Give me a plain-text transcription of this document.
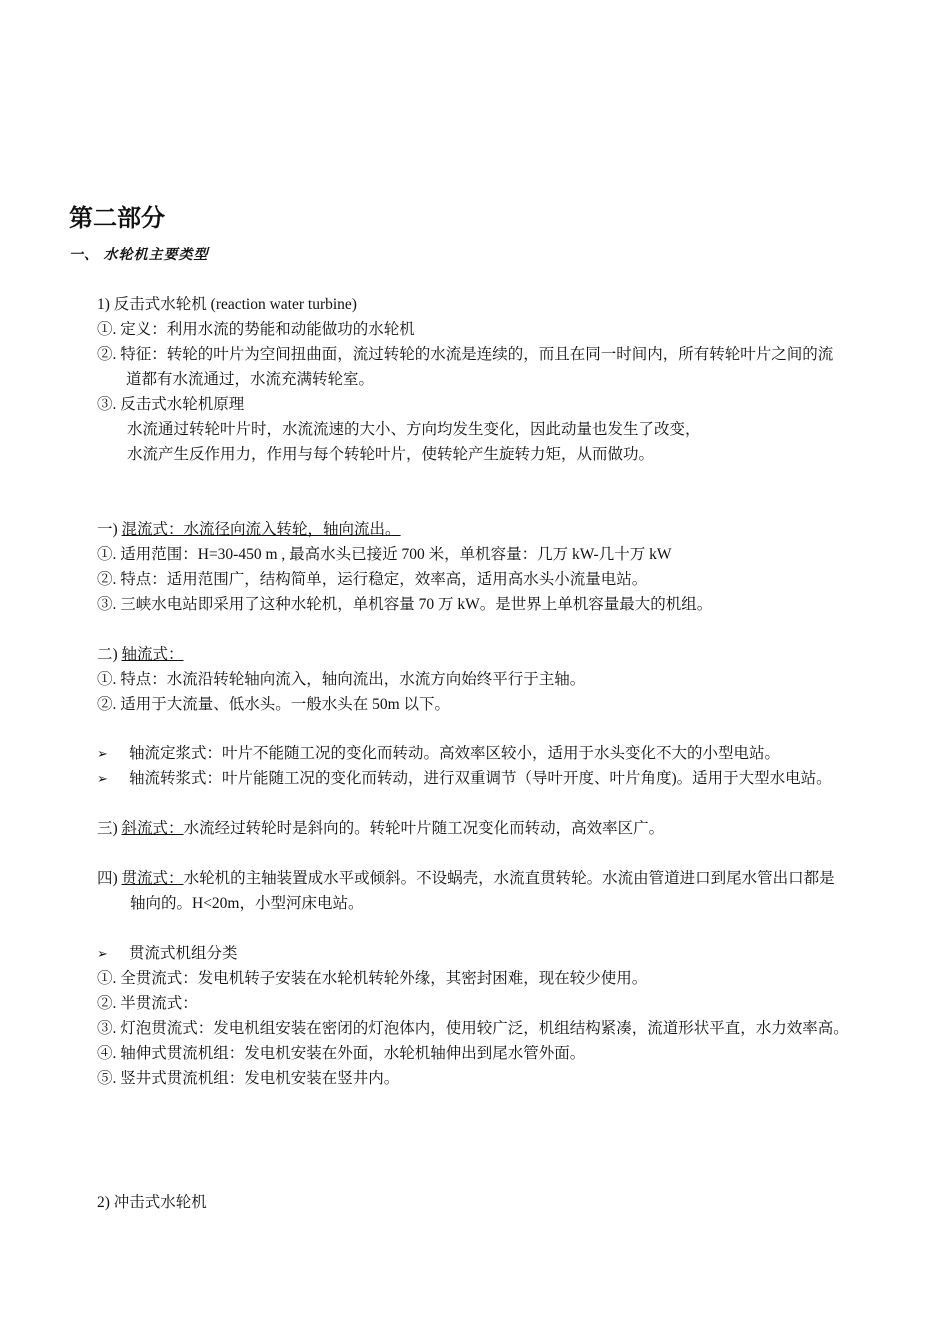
第二部分
一、 水轮机主要类型
1) 反击式水轮机 (reaction water turbine)
①. 定义：利用水流的势能和动能做功的水轮机
②. 特征：转轮的叶片为空间扭曲面，流过转轮的水流是连续的，而且在同一时间内，所有转轮叶片之间的流
道都有水流通过，水流充满转轮室。
③. 反击式水轮机原理
水流通过转轮叶片时，水流流速的大小、方向均发生变化，因此动量也发生了改变，
水流产生反作用力，作用与每个转轮叶片，使转轮产生旋转力矩，从而做功。
一) 混流式：水流径向流入转轮，轴向流出。
①. 适用范围：H=30-450 m , 最高水头已接近 700 米，单机容量：几万 kW-几十万 kW
②. 特点：适用范围广，结构简单，运行稳定，效率高，适用高水头小流量电站。
③. 三峡水电站即采用了这种水轮机，单机容量 70 万 kW。是世界上单机容量最大的机组。
二) 轴流式：
①. 特点：水流沿转轮轴向流入，轴向流出，水流方向始终平行于主轴。
②. 适用于大流量、低水头。一般水头在 50m 以下。
➢ 轴流定浆式：叶片不能随工况的变化而转动。高效率区较小，适用于水头变化不大的小型电站。
➢ 轴流转浆式：叶片能随工况的变化而转动，进行双重调节（导叶开度、叶片角度)。适用于大型水电站。
三) 斜流式：水流经过转轮时是斜向的。转轮叶片随工况变化而转动，高效率区广。
四) 贯流式：水轮机的主轴装置成水平或倾斜。不设蜗壳，水流直贯转轮。水流由管道进口到尾水管出口都是
轴向的。H<20m，小型河床电站。
➢ 贯流式机组分类
①. 全贯流式：发电机转子安装在水轮机转轮外缘，其密封困难，现在较少使用。
②. 半贯流式：
③. 灯泡贯流式：发电机组安装在密闭的灯泡体内，使用较广泛，机组结构紧凑，流道形状平直，水力效率高。
④. 轴伸式贯流机组：发电机安装在外面，水轮机轴伸出到尾水管外面。
⑤. 竖井式贯流机组：发电机安装在竖井内。
2) 冲击式水轮机
